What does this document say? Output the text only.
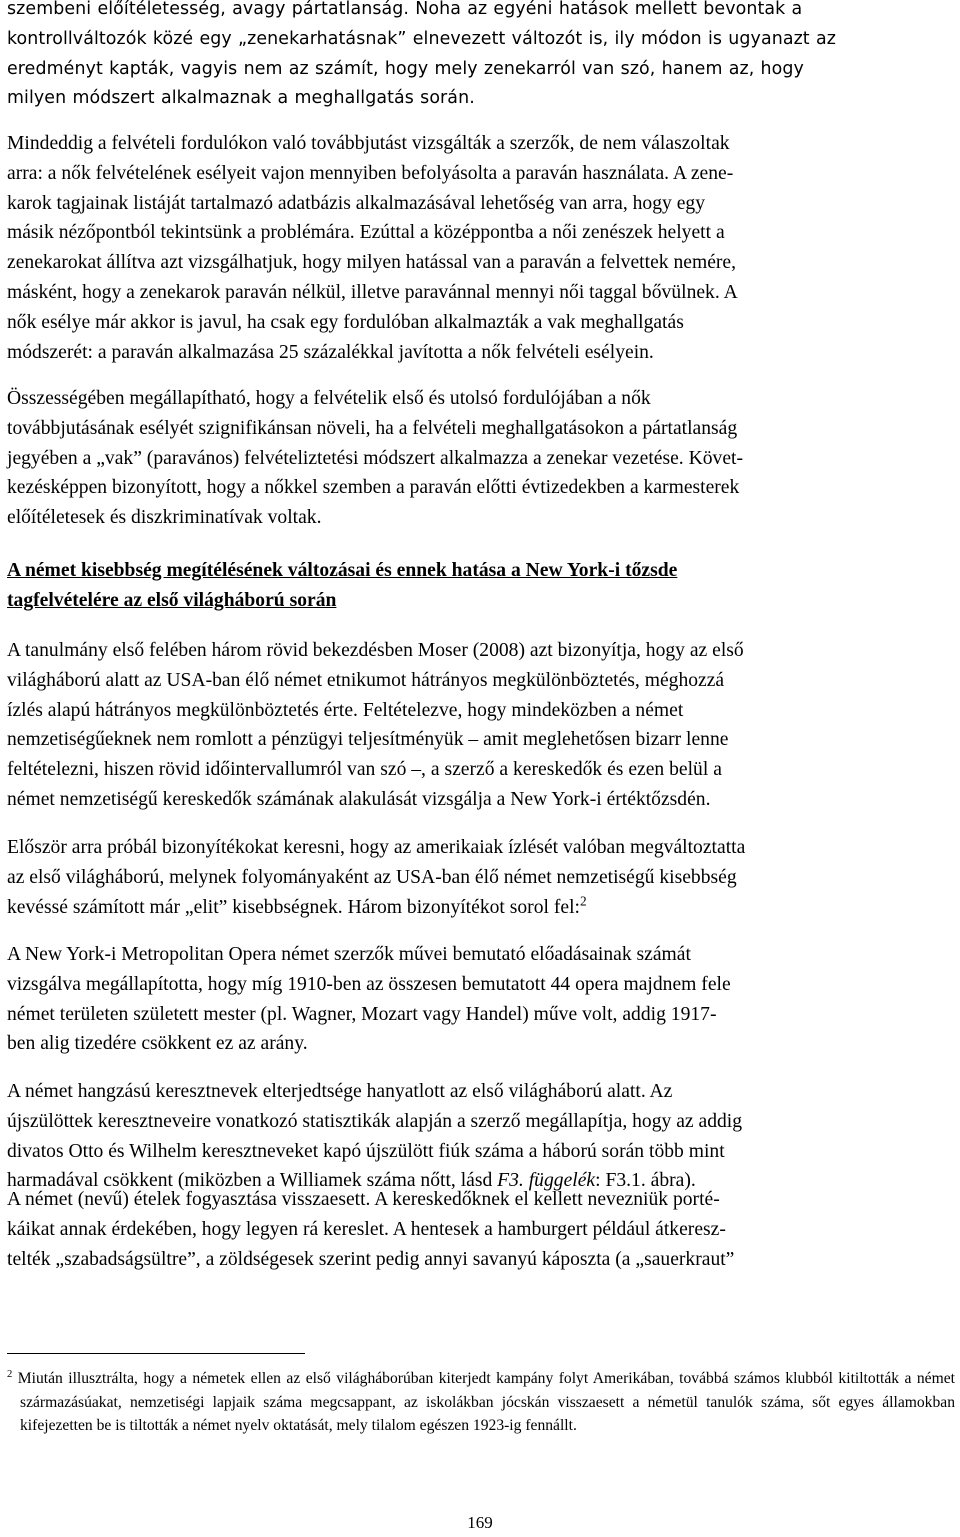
szembeni előítéletesség, avagy pártatlanság. Noha az egyéni hatások mellett bevontak a
kontrollváltozók közé egy „zenekarhatásnak” elnevezett változót is, ily módon is ugyanazt az
eredményt kapták, vagyis nem az számít, hogy mely zenekarról van szó, hanem az, hogy
milyen módszert alkalmaznak a meghallgatás során.

Mindeddig a felvételi fordulókon való továbbjutást vizsgálták a szerzők, de nem válaszoltak
arra: a nők felvételének esélyeit vajon mennyiben befolyásolta a paraván használata. A zene-
karok tagjainak listáját tartalmazó adatbázis alkalmazásával lehetőség van arra, hogy egy
másik nézőpontból tekintsünk a problémára. Ezúttal a középpontba a női zenészek helyett a
zenekarokat állítva azt vizsgálhatjuk, hogy milyen hatással van a paraván a felvettek nemére,
másként, hogy a zenekarok paraván nélkül, illetve paravánnal mennyi női taggal bővülnek. A
nők esélye már akkor is javul, ha csak egy fordulóban alkalmazták a vak meghallgatás
módszerét: a paraván alkalmazása 25 százalékkal javította a nők felvételi esélyein.

Összességében megállapítható, hogy a felvételik első és utolsó fordulójában a nők
továbbjutásának esélyét szignifikánsan növeli, ha a felvételi meghallgatásokon a pártatlanság
jegyében a „vak” (paravános) felvételiztetési módszert alkalmazza a zenekar vezetése. Követ-
kezésképpen bizonyított, hogy a nőkkel szemben a paraván előtti évtizedekben a karmesterek
előítéletesek és diszkriminatívak voltak.

A német kisebbség megítélésének változásai és ennek hatása a New York-i tőzsde
tagfelvételére az első világháború során

A tanulmány első felében három rövid bekezdésben Moser (2008) azt bizonyítja, hogy az első
világháború alatt az USA-ban élő német etnikumot hátrányos megkülönböztetés, méghozzá
ízlés alapú hátrányos megkülönböztetés érte. Feltételezve, hogy mindeközben a német
nemzetiségűeknek nem romlott a pénzügyi teljesítményük – amit meglehetősen bizarr lenne
feltételezni, hiszen rövid időintervallumról van szó –, a szerző a kereskedők és ezen belül a
német nemzetiségű kereskedők számának alakulását vizsgálja a New York-i értéktőzsdén.

Először arra próbál bizonyítékokat keresni, hogy az amerikaiak ízlését valóban megváltoztatta
az első világháború, melynek folyományaként az USA-ban élő német nemzetiségű kisebbség
kevéssé számított már „elit” kisebbségnek. Három bizonyítékot sorol fel:$^2$

A New York-i Metropolitan Opera német szerzők művei bemutató előadásainak számát
vizsgálva megállapította, hogy míg 1910-ben az összesen bemutatott 44 opera majdnem fele
német területen született mester (pl. Wagner, Mozart vagy Handel) műve volt, addig 1917-
ben alig tizedére csökkent ez az arány.

A német hangzású keresztnevek elterjedtsége hanyatlott az első világháború alatt. Az
újszülöttek keresztneveire vonatkozó statisztikák alapján a szerző megállapítja, hogy az addig
divatos Otto és Wilhelm keresztneveket kapó újszülött fiúk száma a háború során több mint
harmadával csökkent (miközben a Williamek száma nőtt, lásd F3. függelék: F3.1. ábra).

A német (nevű) ételek fogyasztása visszaesett. A kereskedőknek el kellett nevezniük porté-
káikat annak érdekében, hogy legyen rá kereslet. A hentesek a hamburgert például átkeresz-
telték „szabadságsültre”, a zöldségesek szerint pedig annyi savanyú káposzta (a „sauerkraut”

$^2$ Miután illusztrálta, hogy a németek ellen az első világháborúban kiterjedt kampány folyt Amerikában, továbbá számos klubból kitiltották a német származásúakat, nemzetiségi lapjaik száma megcsappant, az iskolákban jócskán visszaesett a németül tanulók száma, sőt egyes államokban kifejezetten be is tiltották a német nyelv oktatását, mely tilalom egészen 1923-ig fennállt.

169
